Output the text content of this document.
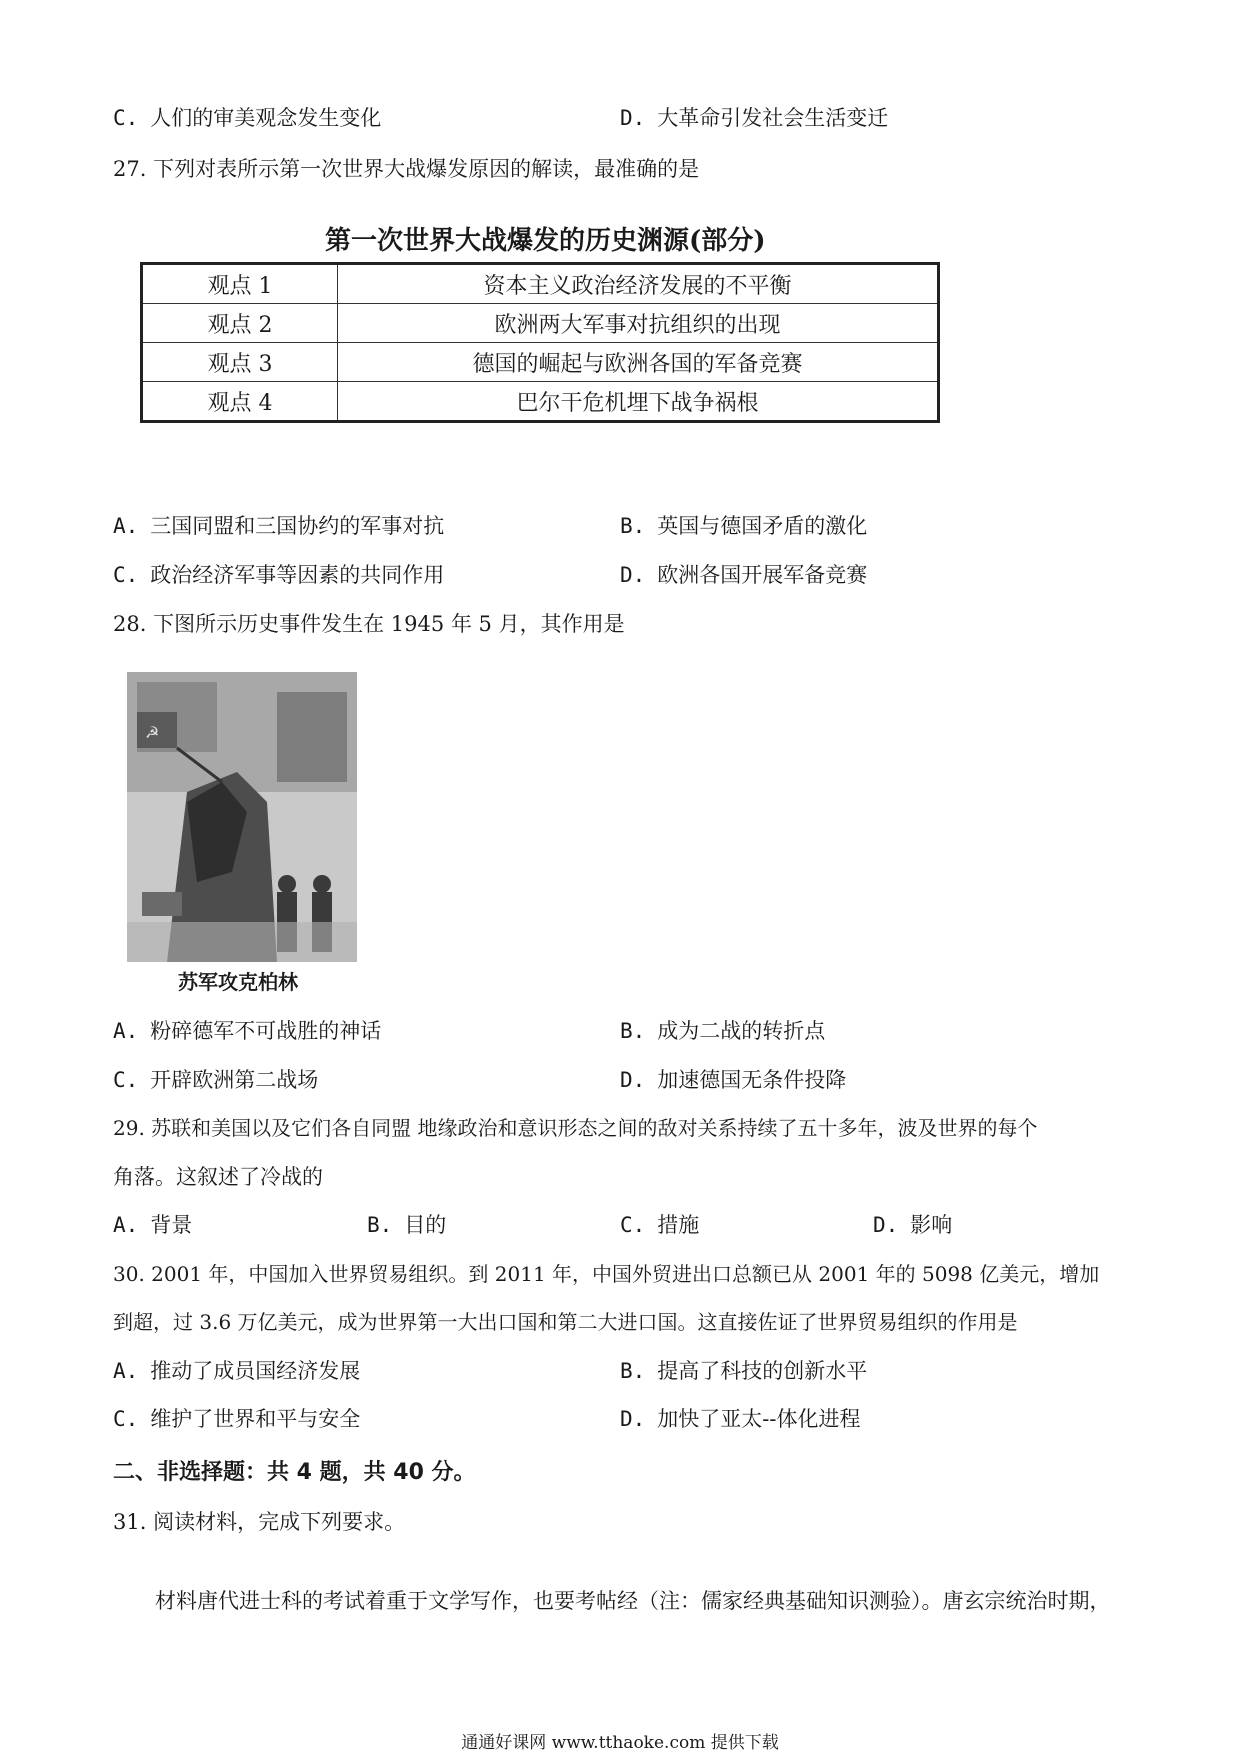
C. 人们的审美观念发生变化	D. 大革命引发社会生活变迁
27. 下列对表所示第一次世界大战爆发原因的解读，最准确的是
第一次世界大战爆发的历史渊源(部分)
观点 1	资本主义政治经济发展的不平衡
观点 2	欧洲两大军事对抗组织的出现
观点 3	德国的崛起与欧洲各国的军备竞赛
观点 4	巴尔干危机埋下战争祸根
A. 三国同盟和三国协约的军事对抗	B. 英国与德国矛盾的激化
C. 政治经济军事等因素的共同作用	D. 欧洲各国开展军备竞赛
28. 下图所示历史事件发生在 1945 年 5 月，其作用是
☭
苏军攻克柏林
A. 粉碎德军不可战胜的神话	B. 成为二战的转折点
C. 开辟欧洲第二战场	D. 加速德国无条件投降
29. 苏联和美国以及它们各自同盟 地缘政治和意识形态之间的敌对关系持续了五十多年，波及世界的每个
角落。这叙述了冷战的
A. 背景	B. 目的	C. 措施	D. 影响
30. 2001 年，中国加入世界贸易组织。到 2011 年，中国外贸进出口总额已从 2001 年的 5098 亿美元，增加
到超，过 3.6 万亿美元，成为世界第一大出口国和第二大进口国。这直接佐证了世界贸易组织的作用是
A. 推动了成员国经济发展	B. 提高了科技的创新水平
C. 维护了世界和平与安全	D. 加快了亚太--体化进程
二、非选择题：共 4 题，共 40 分。
31. 阅读材料，完成下列要求。
材料唐代进士科的考试着重于文学写作，也要考帖经（注：儒家经典基础知识测验）。唐玄宗统治时期，
通通好课网 www.tthaoke.com 提供下载
